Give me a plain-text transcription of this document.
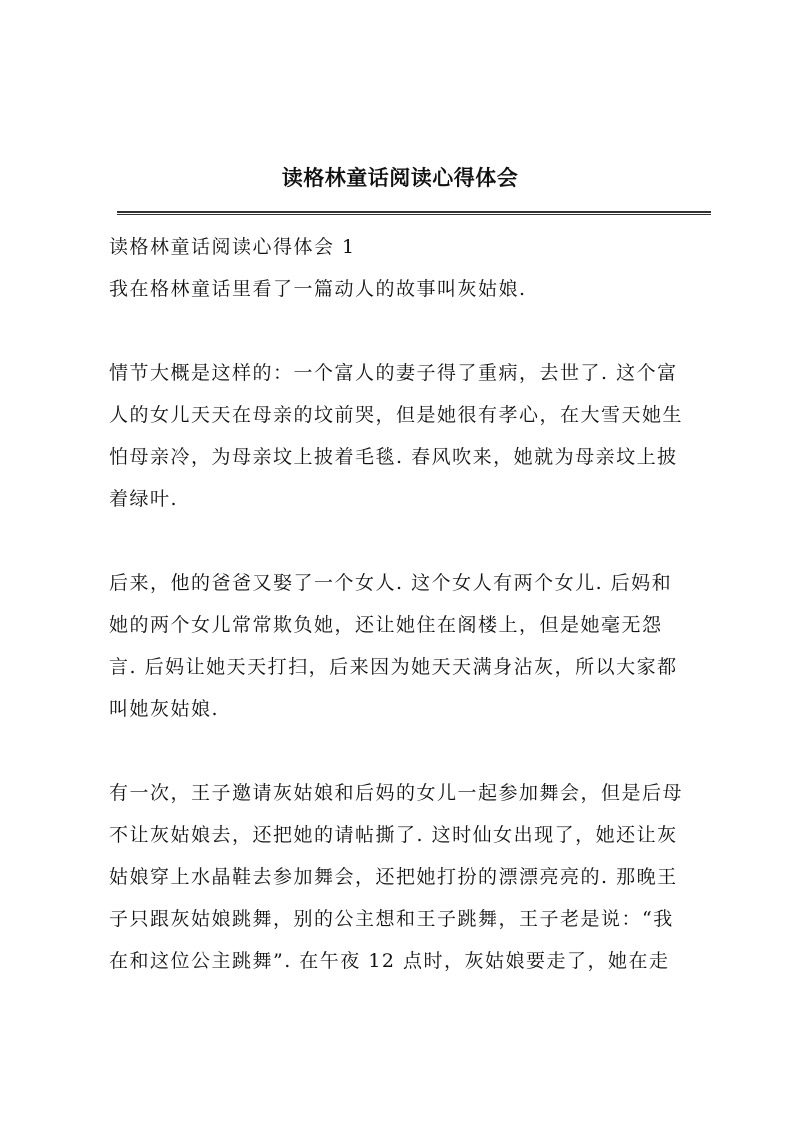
读格林童话阅读心得体会

读格林童话阅读心得体会 1

我在格林童话里看了一篇动人的故事叫灰姑娘.

情节大概是这样的：一个富人的妻子得了重病，去世了. 这个富

人的女儿天天在母亲的坟前哭，但是她很有孝心，在大雪天她生

怕母亲冷，为母亲坟上披着毛毯. 春风吹来，她就为母亲坟上披

着绿叶.

后来，他的爸爸又娶了一个女人. 这个女人有两个女儿. 后妈和

她的两个女儿常常欺负她，还让她住在阁楼上，但是她毫无怨

言. 后妈让她天天打扫，后来因为她天天满身沾灰，所以大家都

叫她灰姑娘.

有一次，王子邀请灰姑娘和后妈的女儿一起参加舞会，但是后母

不让灰姑娘去，还把她的请帖撕了. 这时仙女出现了，她还让灰

姑娘穿上水晶鞋去参加舞会，还把她打扮的漂漂亮亮的. 那晚王

子只跟灰姑娘跳舞，别的公主想和王子跳舞，王子老是说：“我

在和这位公主跳舞”. 在午夜 12 点时，灰姑娘要走了，她在走
